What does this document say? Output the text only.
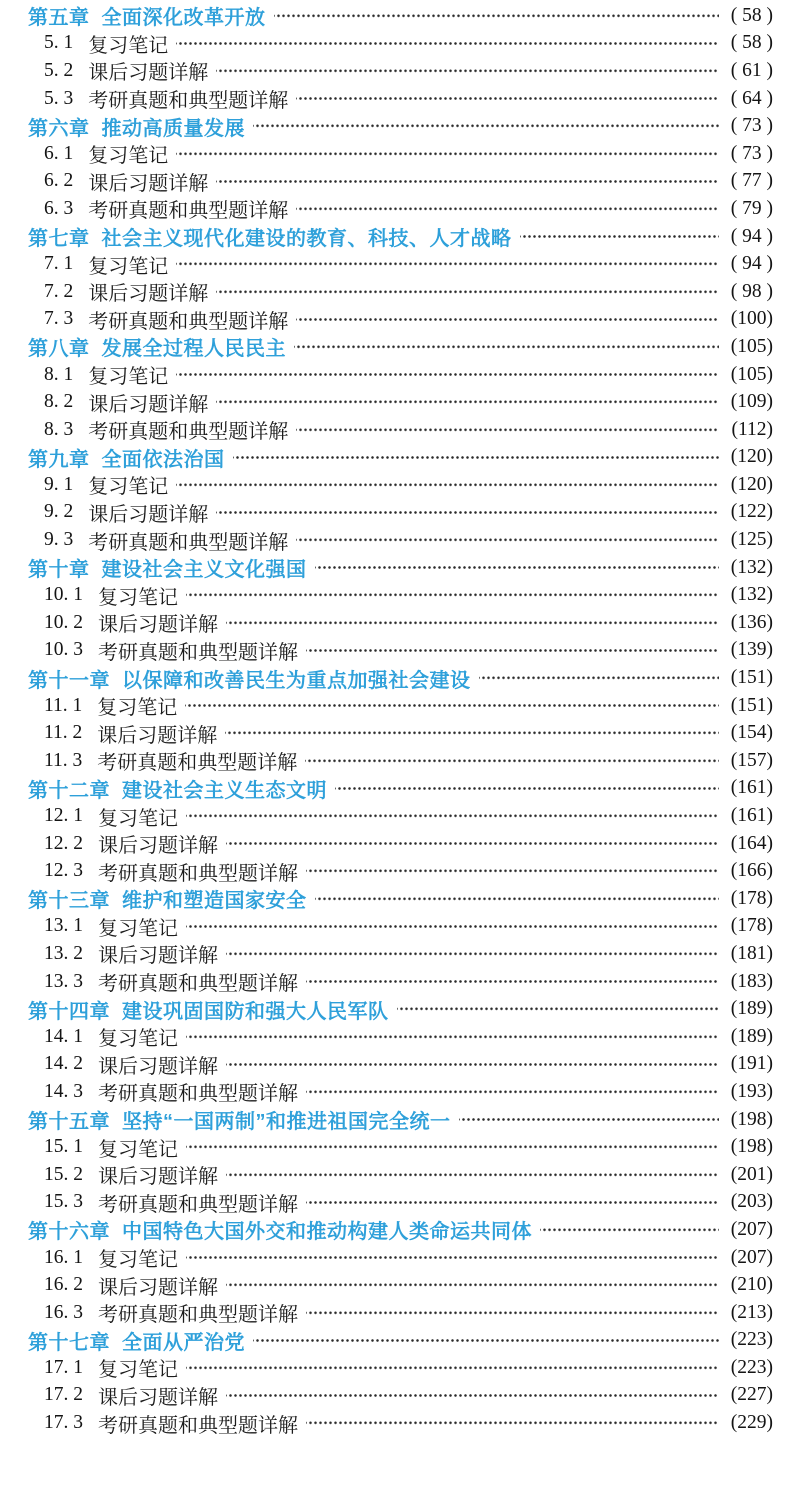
第五章 全面深化改革开放	( 58 )
5. 1 复习笔记	( 58 )
5. 2 课后习题详解	( 61 )
5. 3 考研真题和典型题详解	( 64 )
第六章 推动高质量发展	( 73 )
6. 1 复习笔记	( 73 )
6. 2 课后习题详解	( 77 )
6. 3 考研真题和典型题详解	( 79 )
第七章 社会主义现代化建设的教育、科技、人才战略	( 94 )
7. 1 复习笔记	( 94 )
7. 2 课后习题详解	( 98 )
7. 3 考研真题和典型题详解	(100)
第八章 发展全过程人民民主	(105)
8. 1 复习笔记	(105)
8. 2 课后习题详解	(109)
8. 3 考研真题和典型题详解	(112)
第九章 全面依法治国	(120)
9. 1 复习笔记	(120)
9. 2 课后习题详解	(122)
9. 3 考研真题和典型题详解	(125)
第十章 建设社会主义文化强国	(132)
10. 1 复习笔记	(132)
10. 2 课后习题详解	(136)
10. 3 考研真题和典型题详解	(139)
第十一章 以保障和改善民生为重点加强社会建设	(151)
11. 1 复习笔记	(151)
11. 2 课后习题详解	(154)
11. 3 考研真题和典型题详解	(157)
第十二章 建设社会主义生态文明	(161)
12. 1 复习笔记	(161)
12. 2 课后习题详解	(164)
12. 3 考研真题和典型题详解	(166)
第十三章 维护和塑造国家安全	(178)
13. 1 复习笔记	(178)
13. 2 课后习题详解	(181)
13. 3 考研真题和典型题详解	(183)
第十四章 建设巩固国防和强大人民军队	(189)
14. 1 复习笔记	(189)
14. 2 课后习题详解	(191)
14. 3 考研真题和典型题详解	(193)
第十五章 坚持“一国两制”和推进祖国完全统一	(198)
15. 1 复习笔记	(198)
15. 2 课后习题详解	(201)
15. 3 考研真题和典型题详解	(203)
第十六章 中国特色大国外交和推动构建人类命运共同体	(207)
16. 1 复习笔记	(207)
16. 2 课后习题详解	(210)
16. 3 考研真题和典型题详解	(213)
第十七章 全面从严治党	(223)
17. 1 复习笔记	(223)
17. 2 课后习题详解	(227)
17. 3 考研真题和典型题详解	(229)
